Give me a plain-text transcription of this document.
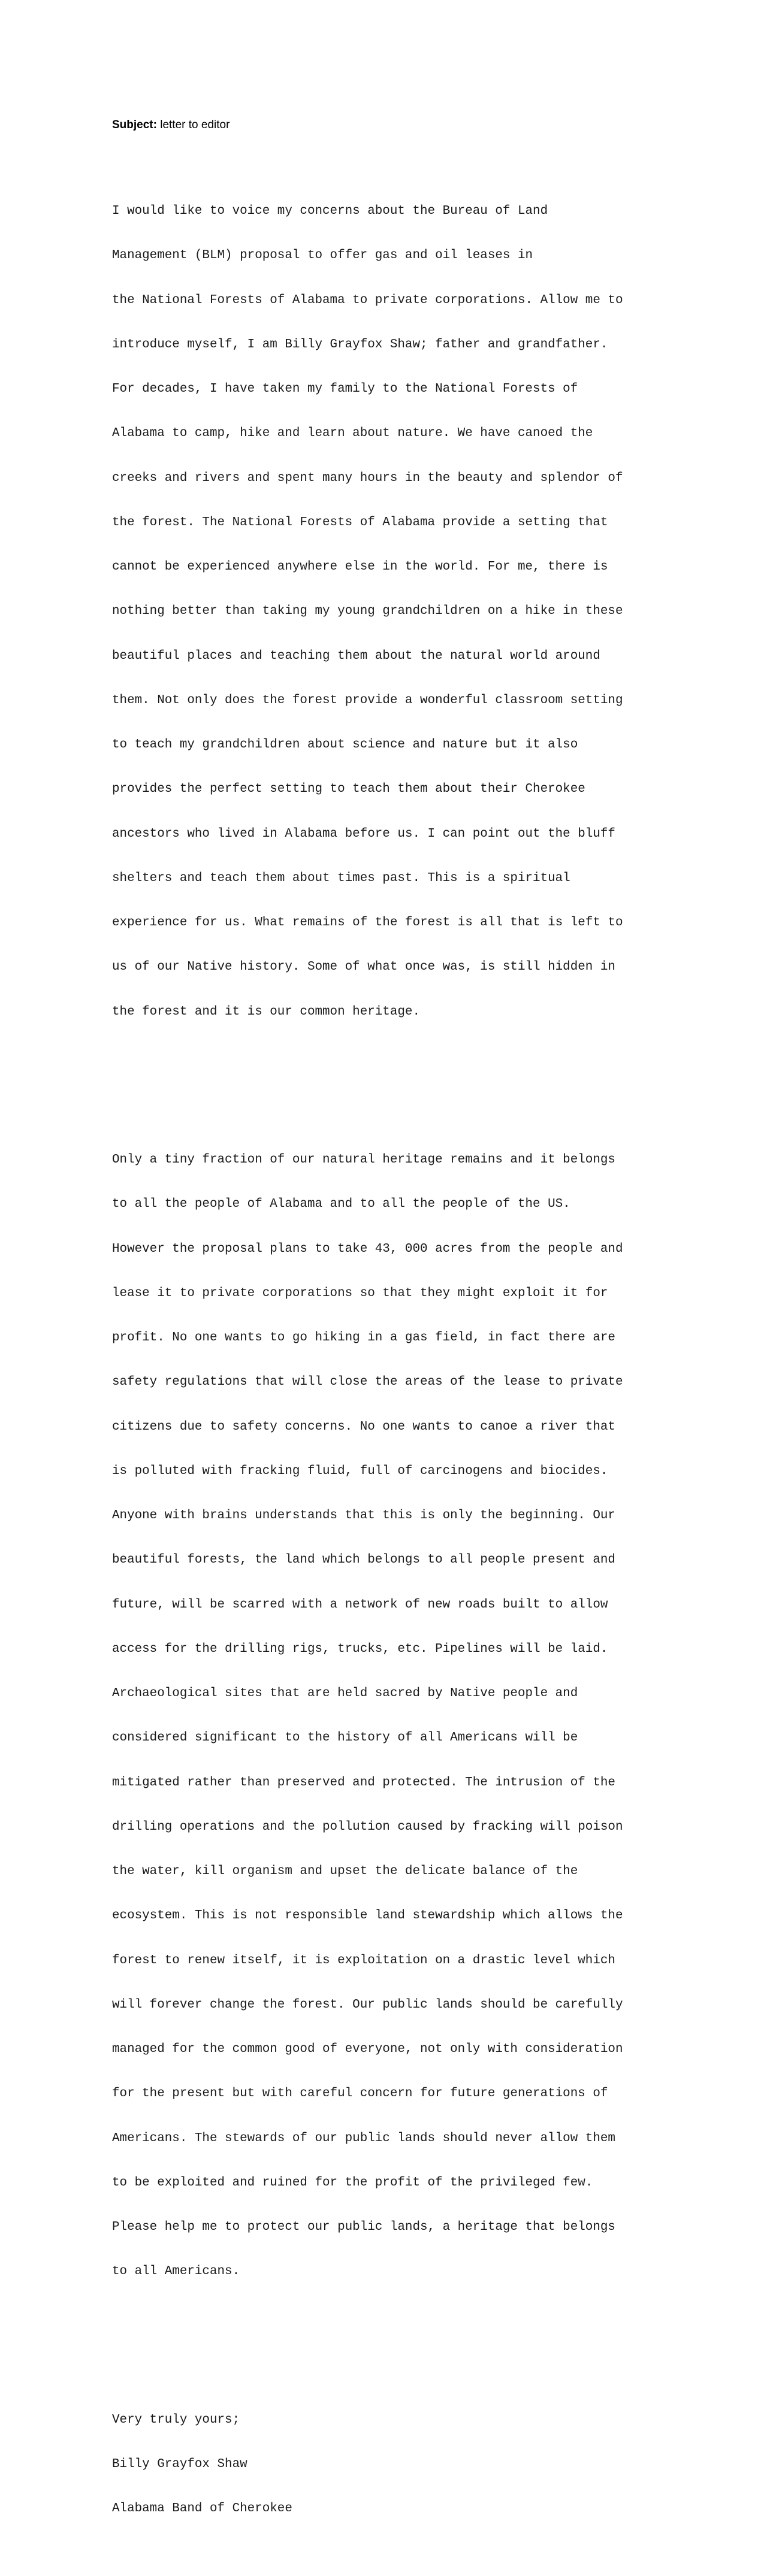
Subject: letter to editor

I would like to voice my concerns about the Bureau of Land

Management (BLM) proposal to offer gas and oil leases in

the National Forests of Alabama to private corporations. Allow me to

introduce myself, I am Billy Grayfox Shaw; father and grandfather.

For decades, I have taken my family to the National Forests of

Alabama to camp, hike and learn about nature. We have canoed the

creeks and rivers and spent many hours in the beauty and splendor of

the forest. The National Forests of Alabama provide a setting that

cannot be experienced anywhere else in the world. For me, there is

nothing better than taking my young grandchildren on a hike in these

beautiful places and teaching them about the natural world around

them. Not only does the forest provide a wonderful classroom setting

to teach my grandchildren about science and nature but it also

provides the perfect setting to teach them about their Cherokee

ancestors who lived in Alabama before us. I can point out the bluff

shelters and teach them about times past. This is a spiritual

experience for us. What remains of the forest is all that is left to

us of our Native history. Some of what once was, is still hidden in

the forest and it is our common heritage.

Only a tiny fraction of our natural heritage remains and it belongs

to all the people of Alabama and to all the people of the US.

However the proposal plans to take 43, 000 acres from the people and

lease it to private corporations so that they might exploit it for

profit. No one wants to go hiking in a gas field, in fact there are

safety regulations that will close the areas of the lease to private

citizens due to safety concerns. No one wants to canoe a river that

is polluted with fracking fluid, full of carcinogens and biocides.

Anyone with brains understands that this is only the beginning. Our

beautiful forests, the land which belongs to all people present and

future, will be scarred with a network of new roads built to allow

access for the drilling rigs, trucks, etc. Pipelines will be laid.

Archaeological sites that are held sacred by Native people and

considered significant to the history of all Americans will be

mitigated rather than preserved and protected. The intrusion of the

drilling operations and the pollution caused by fracking will poison

the water, kill organism and upset the delicate balance of the

ecosystem. This is not responsible land stewardship which allows the

forest to renew itself, it is exploitation on a drastic level which

will forever change the forest. Our public lands should be carefully

managed for the common good of everyone, not only with consideration

for the present but with careful concern for future generations of

Americans. The stewards of our public lands should never allow them

to be exploited and ruined for the profit of the privileged few.

Please help me to protect our public lands, a heritage that belongs

to all Americans.

Very truly yours;

Billy Grayfox Shaw

Alabama Band of Cherokee
